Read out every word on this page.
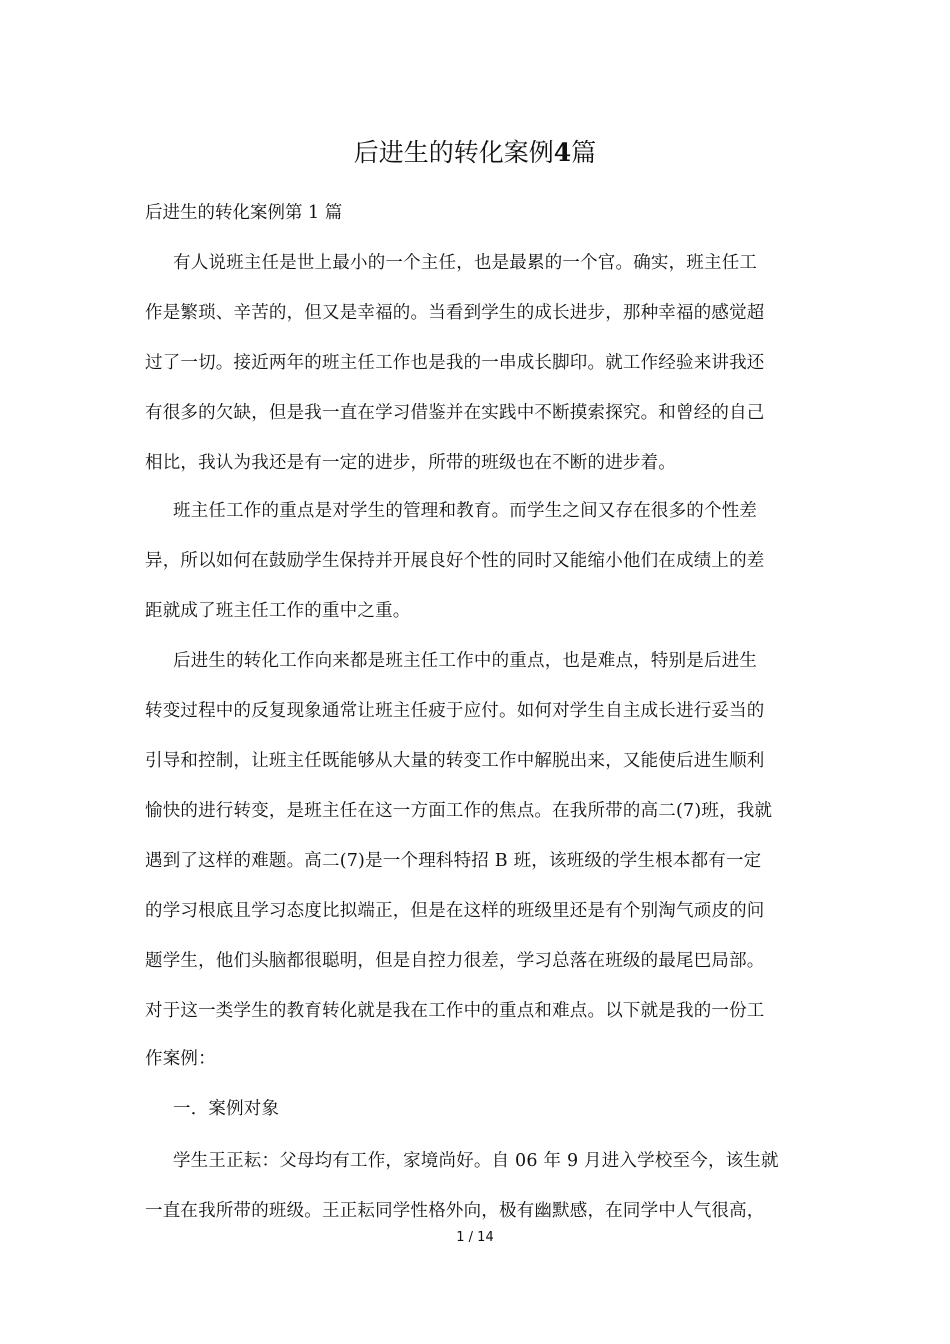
后进生的转化案例4篇
后进生的转化案例第 1 篇
有人说班主任是世上最小的一个主任，也是最累的一个官。确实，班主任工
作是繁琐、辛苦的，但又是幸福的。当看到学生的成长进步，那种幸福的感觉超
过了一切。接近两年的班主任工作也是我的一串成长脚印。就工作经验来讲我还
有很多的欠缺，但是我一直在学习借鉴并在实践中不断摸索探究。和曾经的自己
相比，我认为我还是有一定的进步，所带的班级也在不断的进步着。
班主任工作的重点是对学生的管理和教育。而学生之间又存在很多的个性差
异，所以如何在鼓励学生保持并开展良好个性的同时又能缩小他们在成绩上的差
距就成了班主任工作的重中之重。
后进生的转化工作向来都是班主任工作中的重点，也是难点，特别是后进生
转变过程中的反复现象通常让班主任疲于应付。如何对学生自主成长进行妥当的
引导和控制，让班主任既能够从大量的转变工作中解脱出来，又能使后进生顺利
愉快的进行转变，是班主任在这一方面工作的焦点。在我所带的高二(7)班，我就
遇到了这样的难题。高二(7)是一个理科特招 B 班，该班级的学生根本都有一定
的学习根底且学习态度比拟端正，但是在这样的班级里还是有个别淘气顽皮的问
题学生，他们头脑都很聪明，但是自控力很差，学习总落在班级的最尾巴局部。
对于这一类学生的教育转化就是我在工作中的重点和难点。以下就是我的一份工
作案例：
一．案例对象
学生王正耘：父母均有工作，家境尚好。自 06 年 9 月进入学校至今，该生就
一直在我所带的班级。王正耘同学性格外向，极有幽默感，在同学中人气很高，
1 / 14
